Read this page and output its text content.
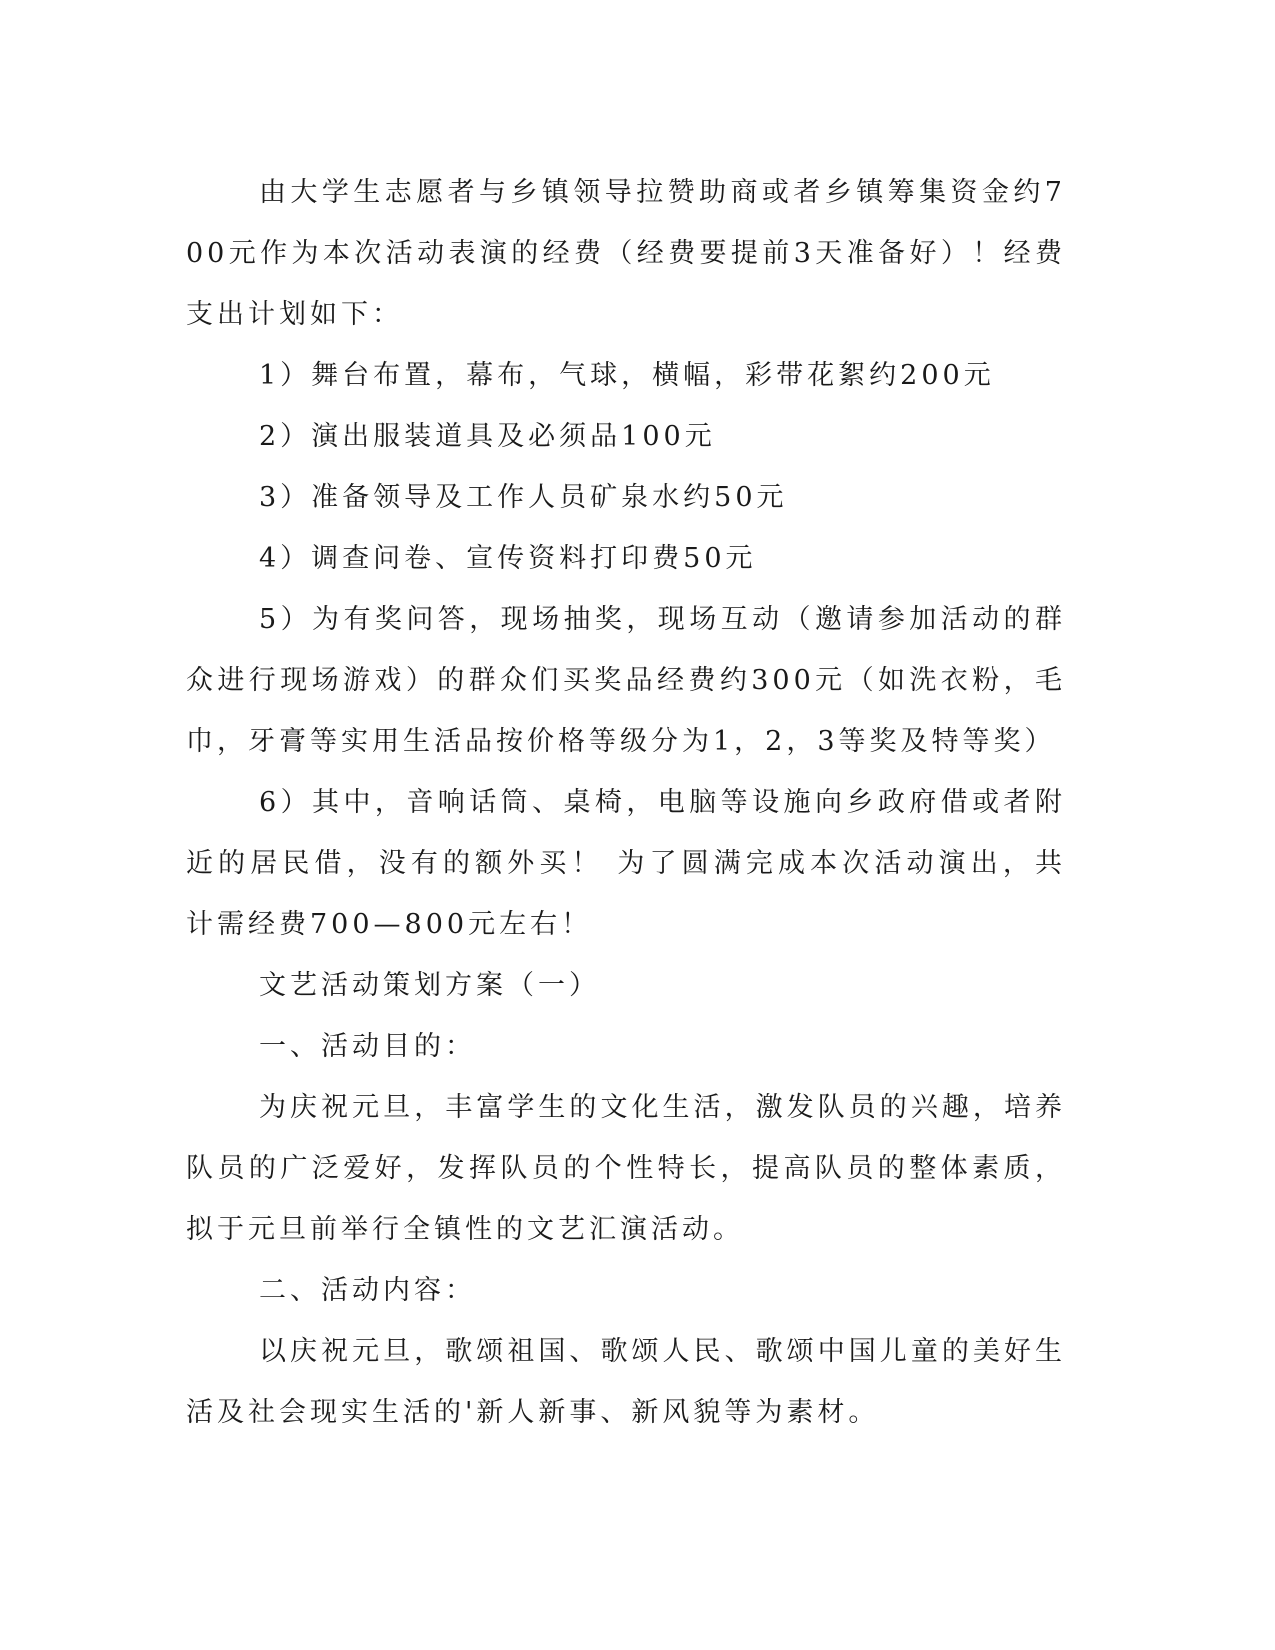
由大学生志愿者与乡镇领导拉赞助商或者乡镇筹集资金约700元作为本次活动表演的经费（经费要提前3天准备好）！经费支出计划如下：

1）舞台布置，幕布，气球，横幅，彩带花絮约200元

2）演出服装道具及必须品100元

3）准备领导及工作人员矿泉水约50元

4）调查问卷、宣传资料打印费50元

5）为有奖问答，现场抽奖，现场互动（邀请参加活动的群众进行现场游戏）的群众们买奖品经费约300元（如洗衣粉，毛巾，牙膏等实用生活品按价格等级分为1，2，3等奖及特等奖）

6）其中，音响话筒、桌椅，电脑等设施向乡政府借或者附近的居民借，没有的额外买！ 为了圆满完成本次活动演出，共计需经费700—800元左右！

文艺活动策划方案（一）

一、活动目的：

为庆祝元旦，丰富学生的文化生活，激发队员的兴趣，培养队员的广泛爱好，发挥队员的个性特长，提高队员的整体素质，拟于元旦前举行全镇性的文艺汇演活动。

二、活动内容：

以庆祝元旦，歌颂祖国、歌颂人民、歌颂中国儿童的美好生活及社会现实生活的'新人新事、新风貌等为素材。
